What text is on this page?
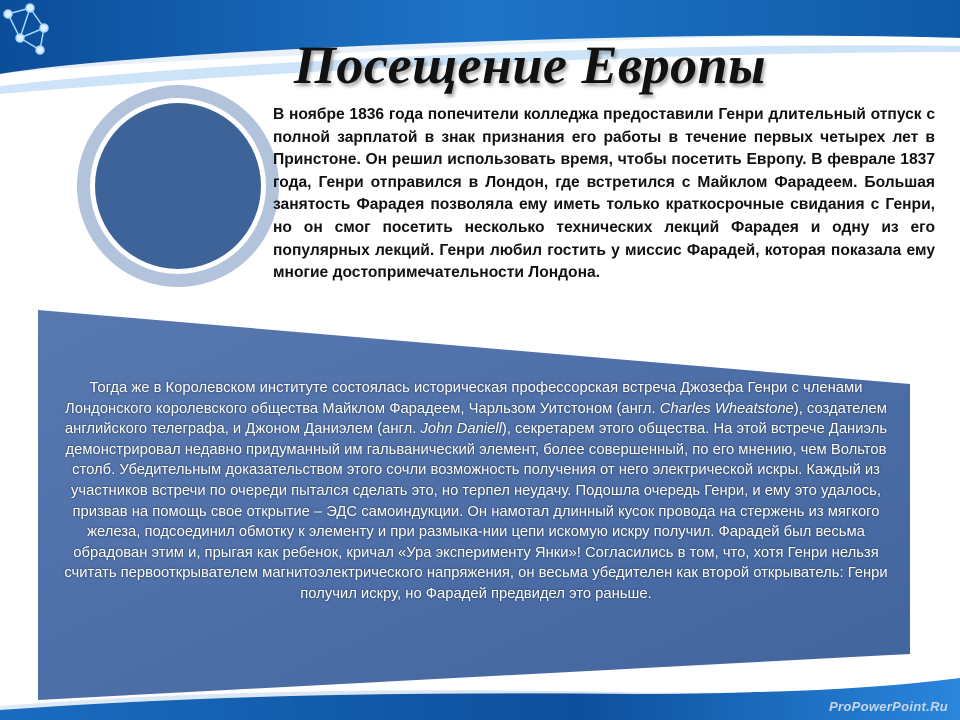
Посещение Европы

В ноябре 1836 года попечители колледжа предоставили Генри длительный отпуск с полной зарплатой в знак признания его работы в течение первых четырех лет в Принстоне. Он решил использовать время, чтобы посетить Европу. В феврале 1837 года, Генри отправился в Лондон, где встретился с Майклом Фарадеем. Большая занятость Фарадея позволяла ему иметь только краткосрочные свидания с Генри, но он смог посетить несколько технических лекций Фарадея и одну из его популярных лекций. Генри любил гостить у миссис Фарадей, которая показала ему многие достопримечательности Лондона.

Тогда же в Королевском институте состоялась историческая профессорская встреча Джозефа Генри с членами Лондонского королевского общества Майклом Фарадеем, Чарльзом Уитстоном (англ. Charles Wheatstone), создателем английского телеграфа, и Джоном Даниэлем (англ. John Daniell), секретарем этого общества. На этой встрече Даниэль демонстрировал недавно придуманный им гальванический элемент, более совершенный, по его мнению, чем Вольтов столб. Убедительным доказательством этого сочли возможность получения от него электрической искры. Каждый из участников встречи по очереди пытался сделать это, но терпел неудачу. Подошла очередь Генри, и ему это удалось, призвав на помощь свое открытие – ЭДС самоиндукции. Он намотал длинный кусок провода на стержень из мягкого железа, подсоединил обмотку к элементу и при размыка-нии цепи искомую искру получил. Фарадей был весьма обрадован этим и, прыгая как ребенок, кричал «Ура эксперименту Янки»! Согласились в том, что, хотя Генри нельзя считать первооткрывателем магнитоэлектрического напряжения, он весьма убедителен как второй открыватель: Генри получил искру, но Фарадей предвидел это раньше.

ProPowerPoint.Ru
